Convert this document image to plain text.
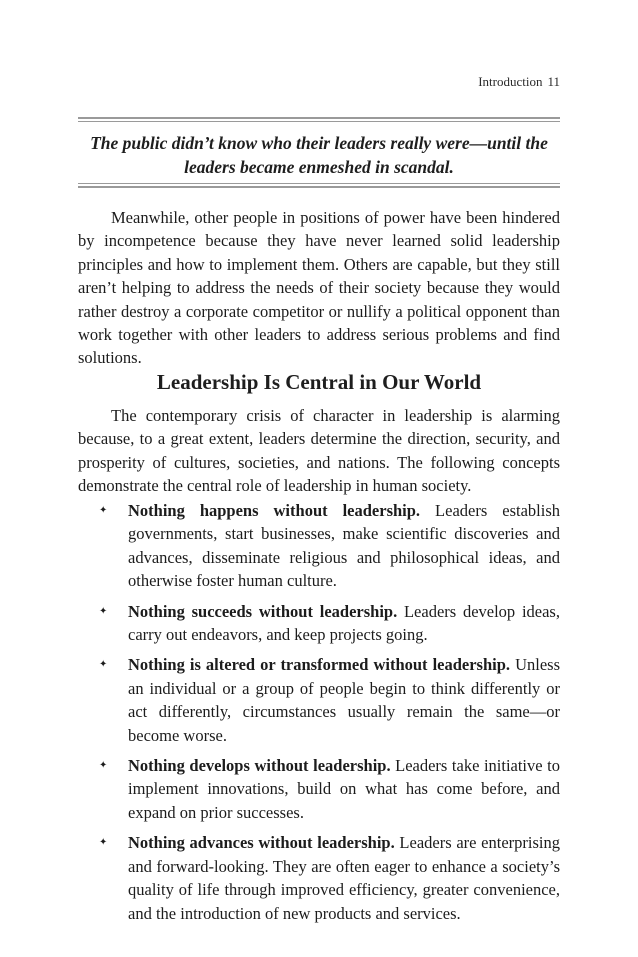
Introduction 11
The public didn’t know who their leaders really were—until the leaders became enmeshed in scandal.

Meanwhile, other people in positions of power have been hindered by incompetence because they have never learned solid leadership principles and how to implement them. Others are capable, but they still aren’t helping to address the needs of their society because they would rather destroy a corporate competitor or nullify a political opponent than work together with other leaders to address serious problems and find solutions.

Leadership Is Central in Our World

The contemporary crisis of character in leadership is alarming because, to a great extent, leaders determine the direction, security, and prosperity of cultures, societies, and nations. The following concepts demonstrate the central role of leadership in human society.

✦ Nothing happens without leadership. Leaders establish governments, start businesses, make scientific discoveries and advances, disseminate religious and philosophical ideas, and otherwise foster human culture.
✦ Nothing succeeds without leadership. Leaders develop ideas, carry out endeavors, and keep projects going.
✦ Nothing is altered or transformed without leadership. Unless an individual or a group of people begin to think differently or act differently, circumstances usually remain the same—or become worse.
✦ Nothing develops without leadership. Leaders take initiative to implement innovations, build on what has come before, and expand on prior successes.
✦ Nothing advances without leadership. Leaders are enterprising and forward-looking. They are often eager to enhance a society’s quality of life through improved efficiency, greater convenience, and the introduction of new products and services.
